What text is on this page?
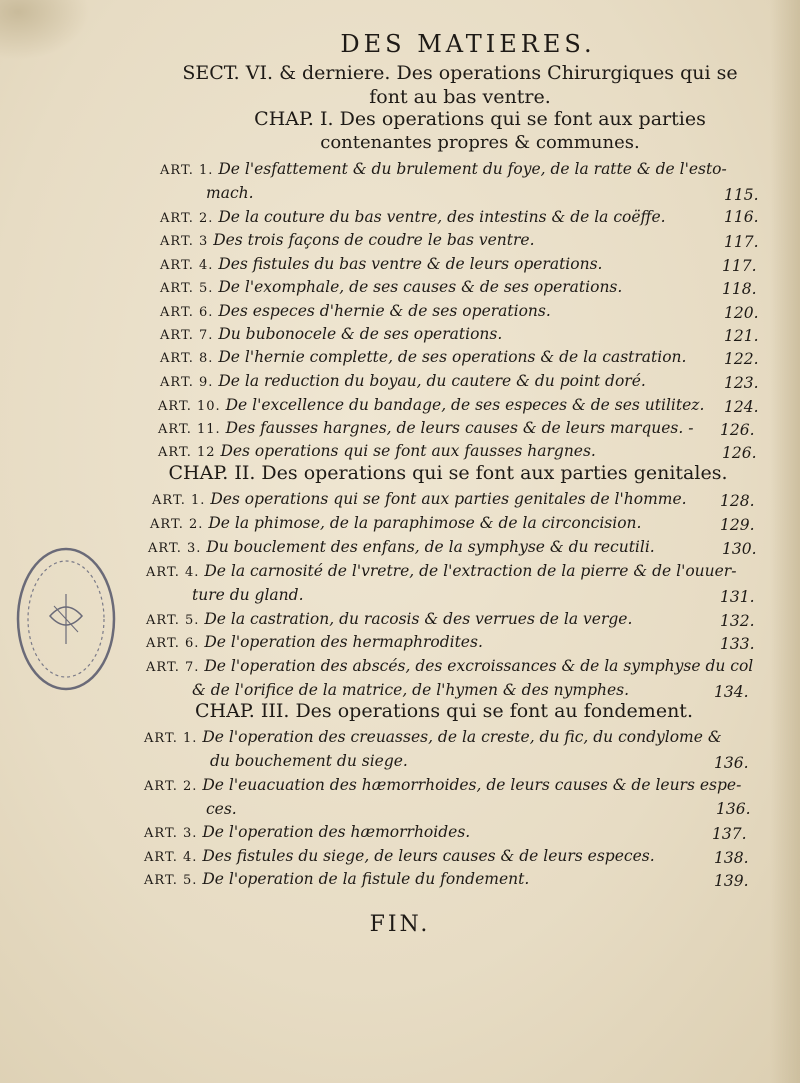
DES MATIERES.
SECT. VI. & derniere. Des operations Chirurgiques qui se
font au bas ventre.
CHAP. I. Des operations qui se font aux parties
contenantes propres & communes.
ART. 1. De l'esfattement & du brulement du foye, de la ratte & de l'esto-
mach.	115.
ART. 2. De la couture du bas ventre, des intestins & de la coëffe.	116.
ART. 3 Des trois façons de coudre le bas ventre.	117.
ART. 4. Des fistules du bas ventre & de leurs operations.	117.
ART. 5. De l'exomphale, de ses causes & de ses operations.	118.
ART. 6. Des especes d'hernie & de ses operations.	120.
ART. 7. Du bubonocele & de ses operations.	121.
ART. 8. De l'hernie complette, de ses operations & de la castration. 122.
ART. 9. De la reduction du boyau, du cautere & du point doré.	123.
ART. 10. De l'excellence du bandage, de ses especes & de ses utilitez. 124.
ART. 11. Des fausses hargnes, de leurs causes & de leurs marques. - 126.
ART. 12 Des operations qui se font aux fausses hargnes.	126.
CHAP. II. Des operations qui se font aux parties genitales.
ART. 1. Des operations qui se font aux parties genitales de l'homme. 128.
ART. 2. De la phimose, de la paraphimose & de la circoncision.	129.
ART. 3. Du bouclement des enfans, de la symphyse & du recutili.	130.
ART. 4. De la carnosité de l'vretre, de l'extraction de la pierre & de l'ouuer-
ture du gland.	131.
ART. 5. De la castration, du racosis & des verrues de la verge.	132.
ART. 6. De l'operation des hermaphrodites.	133.
ART. 7. De l'operation des abscés, des excroissances & de la symphyse du col
& de l'orifice de la matrice, de l'hymen & des nymphes.	134.
CHAP. III. Des operations qui se font au fondement.
ART. 1. De l'operation des creuasses, de la creste, du fic, du condylome &
du bouchement du siege.	136.
ART. 2. De l'euacuation des hæmorrhoides, de leurs causes & de leurs espe-
ces.	136.
ART. 3. De l'operation des hæmorrhoides.	137.
ART. 4. Des fistules du siege, de leurs causes & de leurs especes.	138.
ART. 5. De l'operation de la fistule du fondement.	139.
FIN.
